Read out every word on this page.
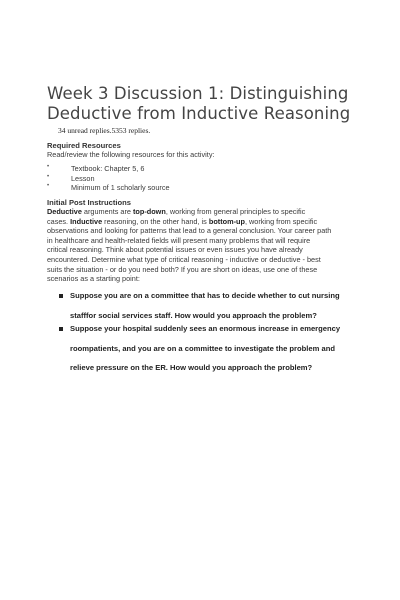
Week 3 Discussion 1: Distinguishing
Deductive from Inductive Reasoning
34 unread replies.5353 replies.
Required Resources
Read/review the following resources for this activity:
•	Textbook: Chapter 5, 6
•	Lesson
•	Minimum of 1 scholarly source
Initial Post Instructions
Deductive arguments are top-down, working from general principles to specific
cases. Inductive reasoning, on the other hand, is bottom-up, working from specific
observations and looking for patterns that lead to a general conclusion. Your career path
in healthcare and health-related fields will present many problems that will require
critical reasoning. Think about potential issues or even issues you have already
encountered. Determine what type of critical reasoning - inductive or deductive - best
suits the situation - or do you need both? If you are short on ideas, use one of these
scenarios as a starting point:
Suppose you are on a committee that has to decide whether to cut nursing
stafffor social services staff. How would you approach the problem?
Suppose your hospital suddenly sees an enormous increase in emergency
roompatients, and you are on a committee to investigate the problem and
relieve pressure on the ER. How would you approach the problem?
